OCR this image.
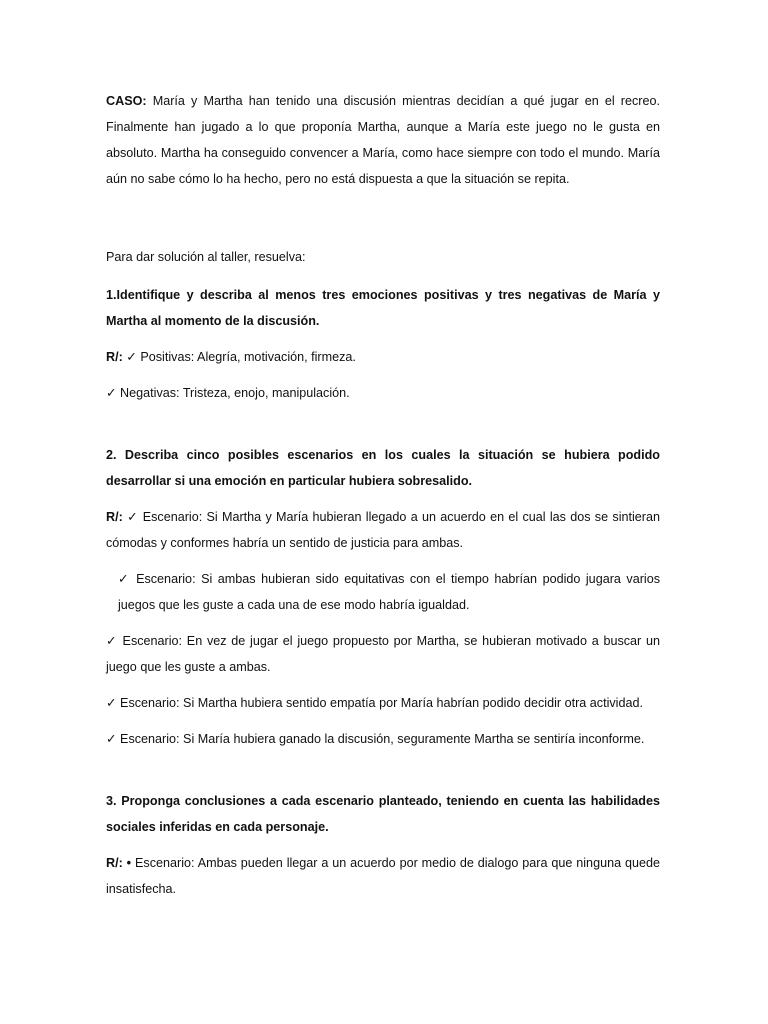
CASO: María y Martha han tenido una discusión mientras decidían a qué jugar en el recreo. Finalmente han jugado a lo que proponía Martha, aunque a María este juego no le gusta en absoluto. Martha ha conseguido convencer a María, como hace siempre con todo el mundo. María aún no sabe cómo lo ha hecho, pero no está dispuesta a que la situación se repita.

Para dar solución al taller, resuelva:

1.Identifique y describa al menos tres emociones positivas y tres negativas de María y Martha al momento de la discusión.

R/: ✓ Positivas: Alegría, motivación, firmeza.

✓ Negativas: Tristeza, enojo, manipulación.

2. Describa cinco posibles escenarios en los cuales la situación se hubiera podido desarrollar si una emoción en particular hubiera sobresalido.

R/: ✓ Escenario: Si Martha y María hubieran llegado a un acuerdo en el cual las dos se sintieran cómodas y conformes habría un sentido de justicia para ambas.

✓ Escenario: Si ambas hubieran sido equitativas con el tiempo habrían podido jugara varios juegos que les guste a cada una de ese modo habría igualdad.

✓ Escenario: En vez de jugar el juego propuesto por Martha, se hubieran motivado a buscar un juego que les guste a ambas.

✓ Escenario: Si Martha hubiera sentido empatía por María habrían podido decidir otra actividad.

✓ Escenario: Si María hubiera ganado la discusión, seguramente Martha se sentiría inconforme.

3. Proponga conclusiones a cada escenario planteado, teniendo en cuenta las habilidades sociales inferidas en cada personaje.

R/: • Escenario: Ambas pueden llegar a un acuerdo por medio de dialogo para que ninguna quede insatisfecha.
